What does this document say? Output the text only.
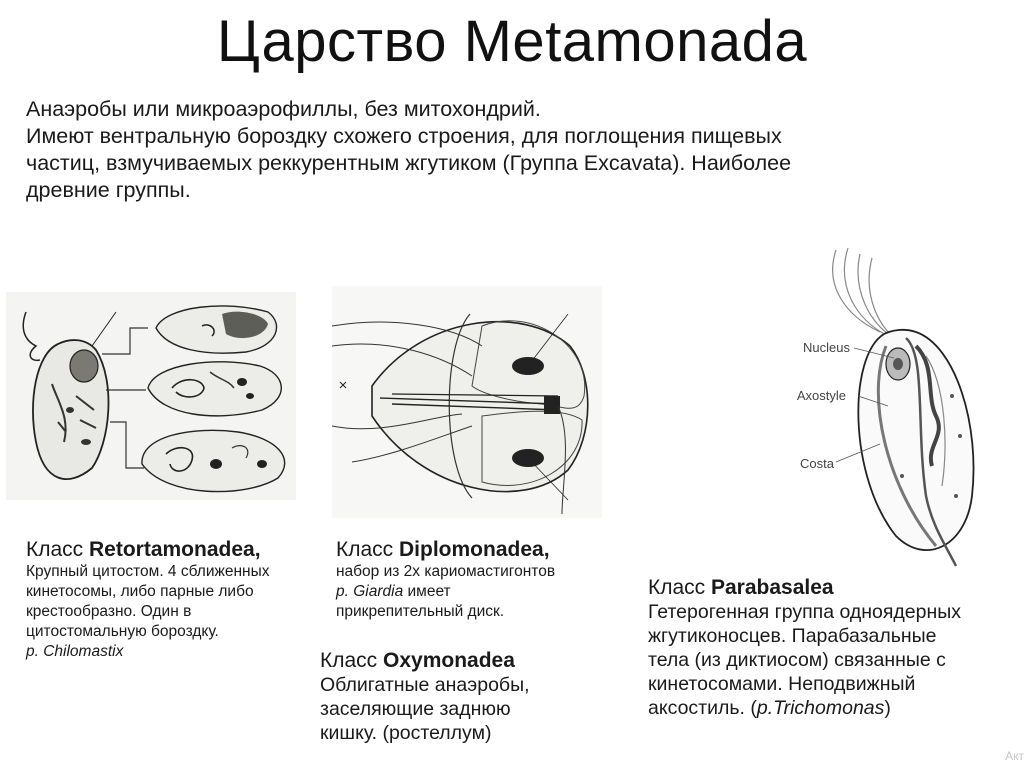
Царство Metamonada
Анаэробы или микроаэрофиллы, без митохондрий.
Имеют вентральную бороздку схожего строения, для поглощения пищевых
частиц, взмучиваемых реккурентным жгутиком (Группа Excavata). Наиболее
древние группы.
Nucleus
Axostyle
Costa
Класс Retortamonadea,
Крупный цитостом. 4 сближенных
кинетосомы, либо парные либо
крестообразно. Один в
цитостомальную бороздку.
р. Chilomastix
Класс Diplomonadea,
набор из 2х кариомастигонтов
р. Giardia имеет
прикрепительный диск.
Класс Oxymonadea
Облигатные анаэробы,
заселяющие заднюю
кишку. (ростеллум)
Класс Parabasalea
Гетерогенная группа одноядерных
жгутиконосцев. Парабазальные
тела (из диктиосом) связанные с
кинетосомами. Неподвижный
аксостиль. (p.Trichomonas)
Акт
